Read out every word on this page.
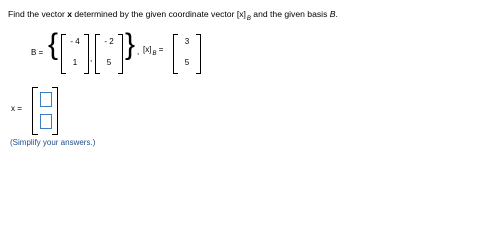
Find the vector x determined by the given coordinate vector $[x]_B$ and the given basis B.
B = {	- 4
1	,
- 2
5
} , $[x]_B$ =
3
5
x =
(Simplify your answers.)
